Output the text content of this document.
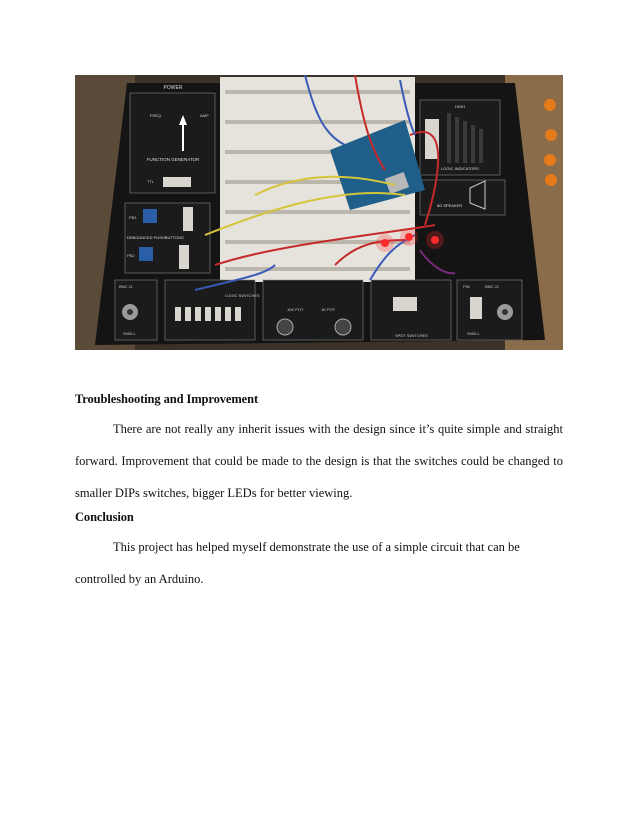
POWER
FREQ	AMP
FUNCTION GENERATOR
TTL
PB1
PB2
DEBOUNCED PUSHBUTTONS
HIGH
LOGIC INDICATORS
8Ω SPEAKER
BNC J1
SHELL
LOGIC SWITCHES
10K POT	1K POT
SPDT SWITCHES
BNC J2
PIN
SHELL
Troubleshooting and Improvement
There are not really any inherit issues with the design since it’s quite simple and straight
forward. Improvement that could be made to the design is that the switches could be changed to
smaller DIPs switches, bigger LEDs for better viewing.
Conclusion
This project has helped myself demonstrate the use of a simple circuit that can be
controlled by an Arduino.
